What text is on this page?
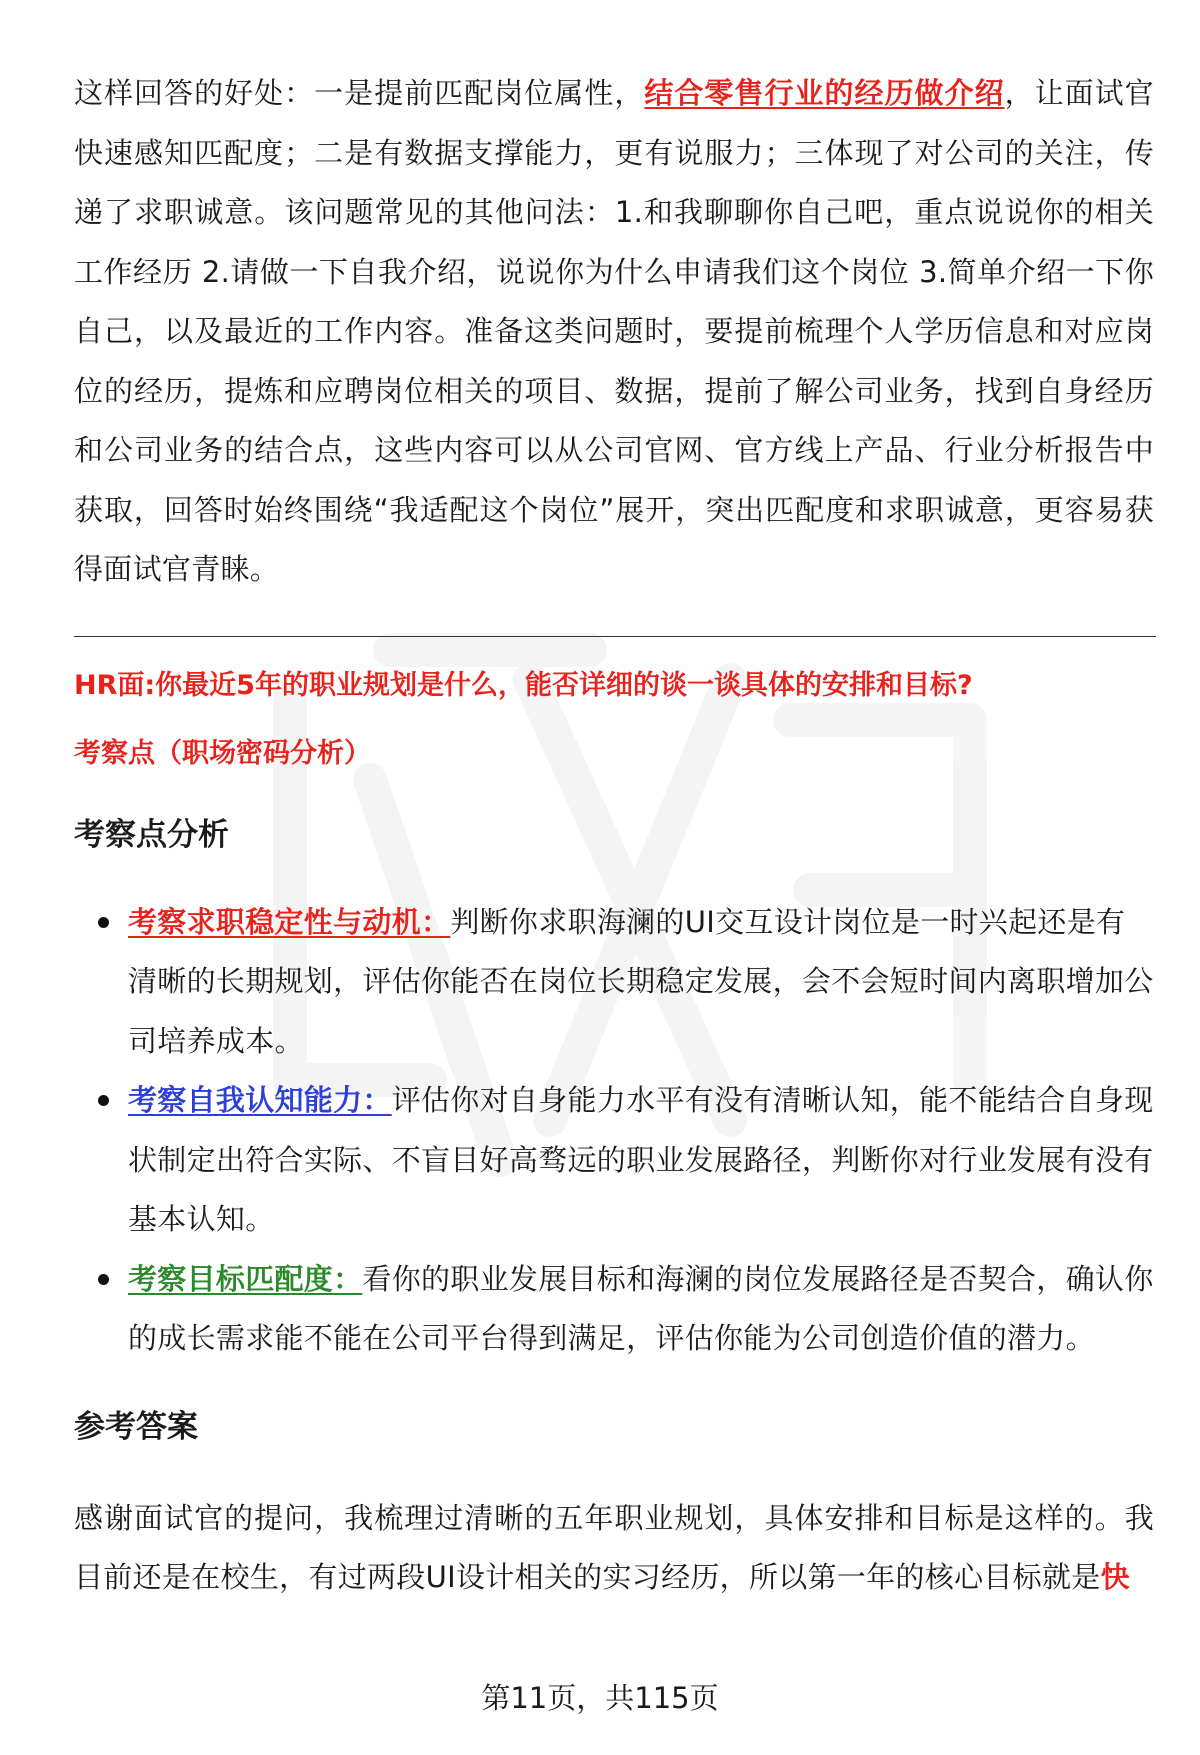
这样回答的好处：一是提前匹配岗位属性，结合零售行业的经历做介绍，让面试官快速感知匹配度；二是有数据支撑能力，更有说服力；三体现了对公司的关注，传递了求职诚意。该问题常见的其他问法：1.和我聊聊你自己吧，重点说说你的相关工作经历 2.请做一下自我介绍，说说你为什么申请我们这个岗位 3.简单介绍一下你自己，以及最近的工作内容。准备这类问题时，要提前梳理个人学历信息和对应岗位的经历，提炼和应聘岗位相关的项目、数据，提前了解公司业务，找到自身经历和公司业务的结合点，这些内容可以从公司官网、官方线上产品、行业分析报告中获取，回答时始终围绕“我适配这个岗位”展开，突出匹配度和求职诚意，更容易获得面试官青睐。

HR面:你最近5年的职业规划是什么，能否详细的谈一谈具体的安排和目标?
考察点（职场密码分析）
考察点分析
考察求职稳定性与动机：判断你求职海澜的UI交互设计岗位是一时兴起还是有清晰的长期规划，评估你能否在岗位长期稳定发展，会不会短时间内离职增加公司培养成本。
考察自我认知能力：评估你对自身能力水平有没有清晰认知，能不能结合自身现状制定出符合实际、不盲目好高骛远的职业发展路径，判断你对行业发展有没有基本认知。
考察目标匹配度：看你的职业发展目标和海澜的岗位发展路径是否契合，确认你的成长需求能不能在公司平台得到满足，评估你能为公司创造价值的潜力。
参考答案

感谢面试官的提问，我梳理过清晰的五年职业规划，具体安排和目标是这样的。我目前还是在校生，有过两段UI设计相关的实习经历，所以第一年的核心目标就是快

第11页，共115页
